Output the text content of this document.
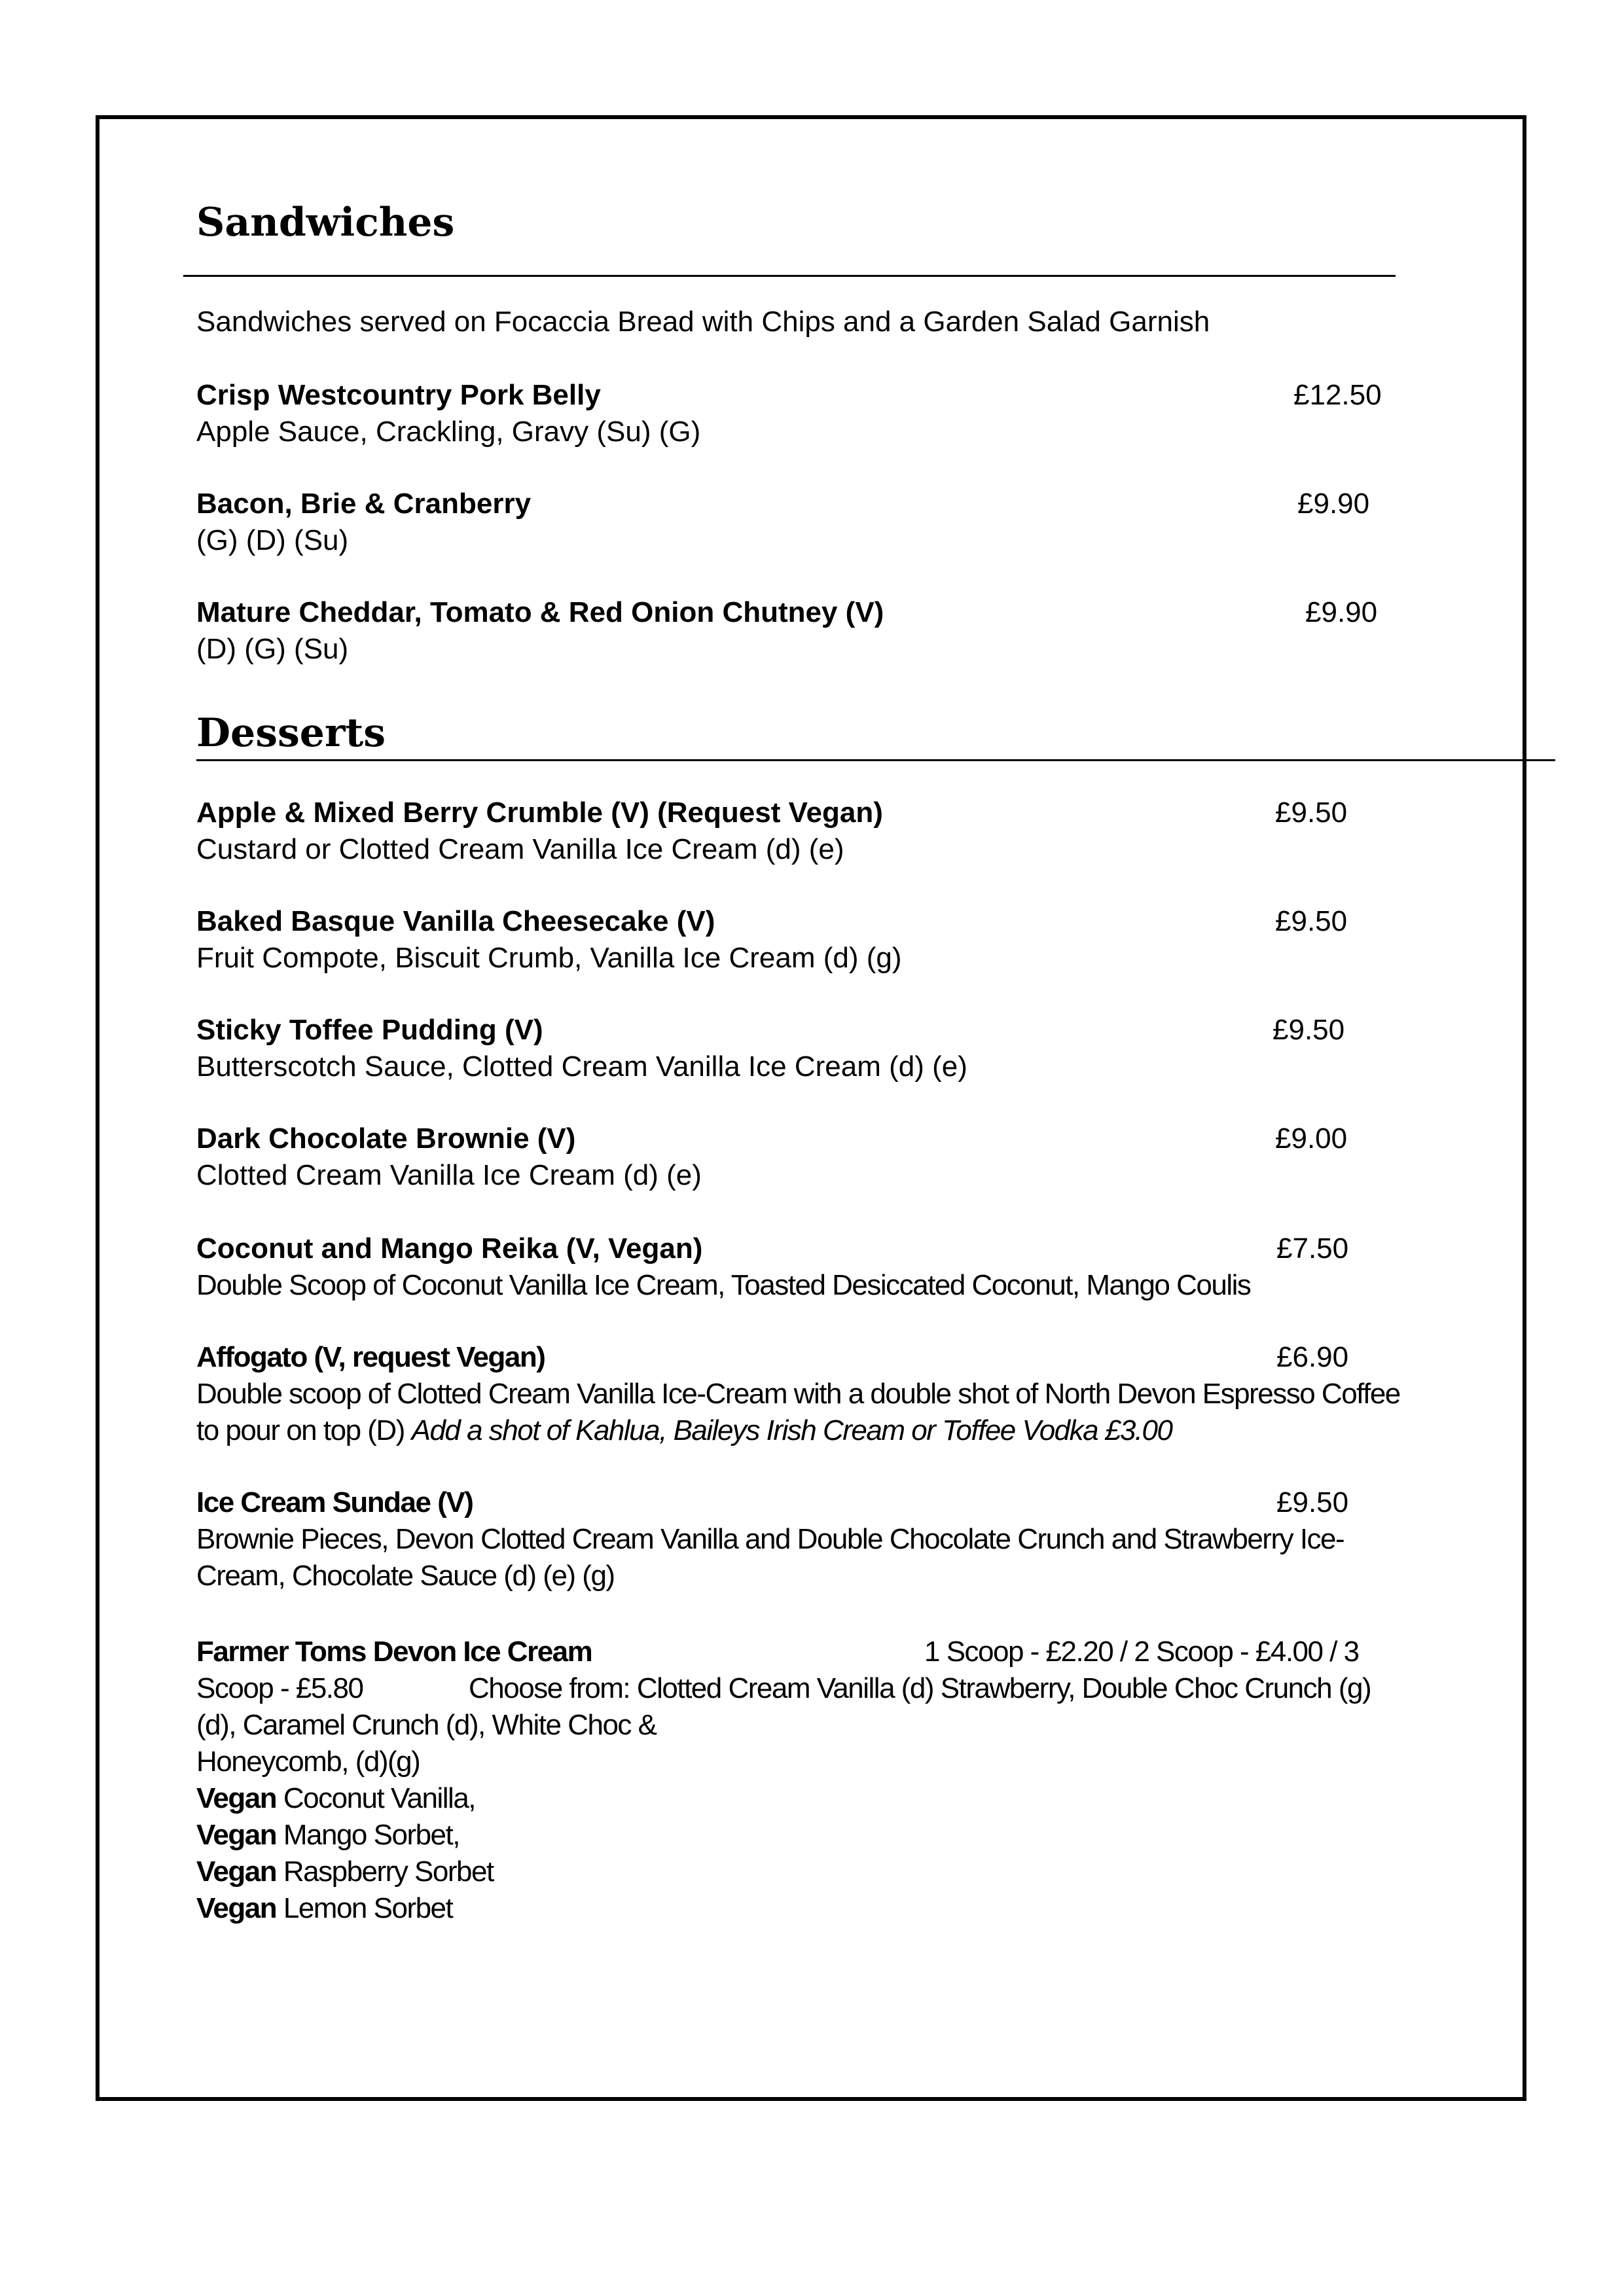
Sandwiches
Sandwiches served on Focaccia Bread with Chips and a Garden Salad Garnish
Crisp Westcountry Pork Belly	£12.50
Apple Sauce, Crackling, Gravy (Su) (G)
Bacon, Brie & Cranberry	£9.90
(G) (D) (Su)
Mature Cheddar, Tomato & Red Onion Chutney (V)	£9.90
(D) (G) (Su)
Desserts
Apple & Mixed Berry Crumble (V) (Request Vegan)	£9.50
Custard or Clotted Cream Vanilla Ice Cream (d) (e)
Baked Basque Vanilla Cheesecake (V)	£9.50
Fruit Compote, Biscuit Crumb, Vanilla Ice Cream (d) (g)
Sticky Toffee Pudding (V)	£9.50
Butterscotch Sauce, Clotted Cream Vanilla Ice Cream (d) (e)
Dark Chocolate Brownie (V)	£9.00
Clotted Cream Vanilla Ice Cream (d) (e)
Coconut and Mango Reika (V, Vegan)	£7.50
Double Scoop of Coconut Vanilla Ice Cream, Toasted Desiccated Coconut, Mango Coulis
Affogato (V, request Vegan)	£6.90
Double scoop of Clotted Cream Vanilla Ice-Cream with a double shot of North Devon Espresso Coffee to pour on top (D) Add a shot of Kahlua, Baileys Irish Cream or Toffee Vodka £3.00
Ice Cream Sundae (V)	£9.50
Brownie Pieces, Devon Clotted Cream Vanilla and Double Chocolate Crunch and Strawberry Ice-Cream, Chocolate Sauce (d) (e) (g)
Farmer Toms Devon Ice Cream	1 Scoop - £2.20 / 2 Scoop - £4.00 / 3
Scoop - £5.80	Choose from: Clotted Cream Vanilla (d) Strawberry, Double Choc Crunch (g)
(d), Caramel Crunch (d), White Choc &
Honeycomb, (d)(g)
Vegan Coconut Vanilla,
Vegan Mango Sorbet,
Vegan Raspberry Sorbet
Vegan Lemon Sorbet
